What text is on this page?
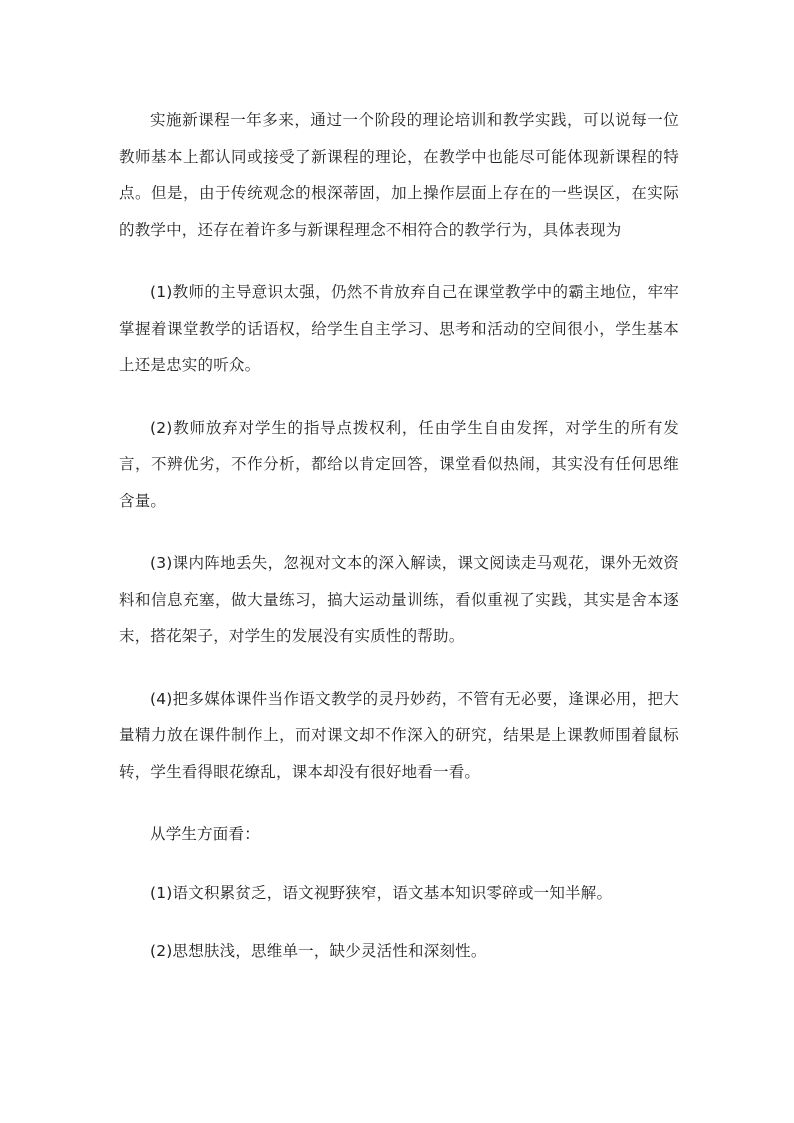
实施新课程一年多来，通过一个阶段的理论培训和教学实践，可以说每一位教师基本上都认同或接受了新课程的理论，在教学中也能尽可能体现新课程的特点。但是，由于传统观念的根深蒂固，加上操作层面上存在的一些误区，在实际的教学中，还存在着许多与新课程理念不相符合的教学行为，具体表现为

(1)教师的主导意识太强，仍然不肯放弃自己在课堂教学中的霸主地位，牢牢掌握着课堂教学的话语权，给学生自主学习、思考和活动的空间很小，学生基本上还是忠实的听众。

(2)教师放弃对学生的指导点拨权利，任由学生自由发挥，对学生的所有发言，不辨优劣，不作分析，都给以肯定回答，课堂看似热闹，其实没有任何思维含量。

(3)课内阵地丢失，忽视对文本的深入解读，课文阅读走马观花，课外无效资料和信息充塞，做大量练习，搞大运动量训练，看似重视了实践，其实是舍本逐末，搭花架子，对学生的发展没有实质性的帮助。

(4)把多媒体课件当作语文教学的灵丹妙药，不管有无必要，逢课必用，把大量精力放在课件制作上，而对课文却不作深入的研究，结果是上课教师围着鼠标转，学生看得眼花缭乱，课本却没有很好地看一看。

从学生方面看：

(1)语文积累贫乏，语文视野狭窄，语文基本知识零碎或一知半解。

(2)思想肤浅，思维单一，缺少灵活性和深刻性。
